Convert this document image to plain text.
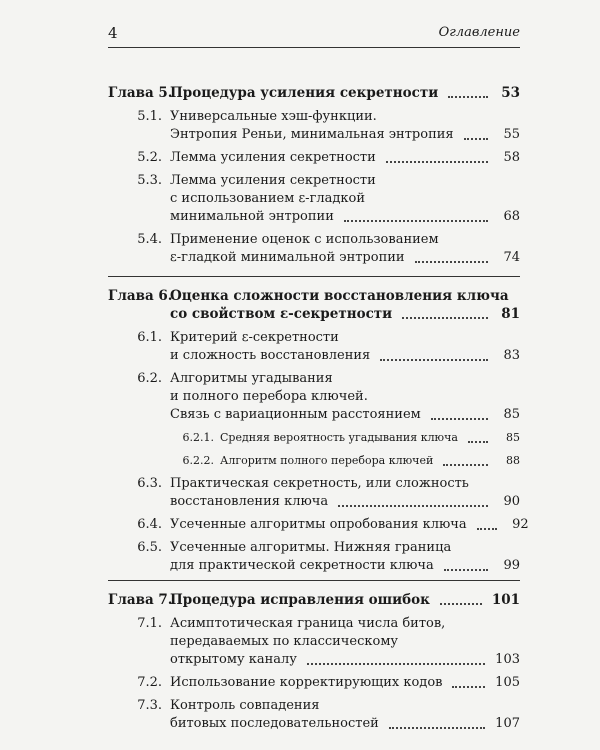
4	Оглавление
Глава 5.
Процедура усиления секретности	53
5.1. Универсальные хэш-функции.
Энтропия Реньи, минимальная энтропия	55
5.2. Лемма усиления секретности	58
5.3. Лемма усиления секретности
с использованием ε-гладкой
минимальной энтропии	68
5.4. Применение оценок с использованием
ε-гладкой минимальной энтропии	74
Глава 6.
Оценка сложности восстановления ключа
со свойством ε-секретности	81
6.1. Критерий ε-секретности
и сложность восстановления	83
6.2. Алгоритмы угадывания
и полного перебора ключей.
Связь с вариационным расстоянием	85
6.2.1. Средняя вероятность угадывания ключа	85
6.2.2. Алгоритм полного перебора ключей	88
6.3. Практическая секретность, или сложность
восстановления ключа	90
6.4. Усеченные алгоритмы опробования ключа	92
6.5. Усеченные алгоритмы. Нижняя граница
для практической секретности ключа	99
Глава 7.
Процедура исправления ошибок	101
7.1. Асимптотическая граница числа битов,
передаваемых по классическому
открытому каналу	103
7.2. Использование корректирующих кодов	105
7.3. Контроль совпадения
битовых последовательностей	107
